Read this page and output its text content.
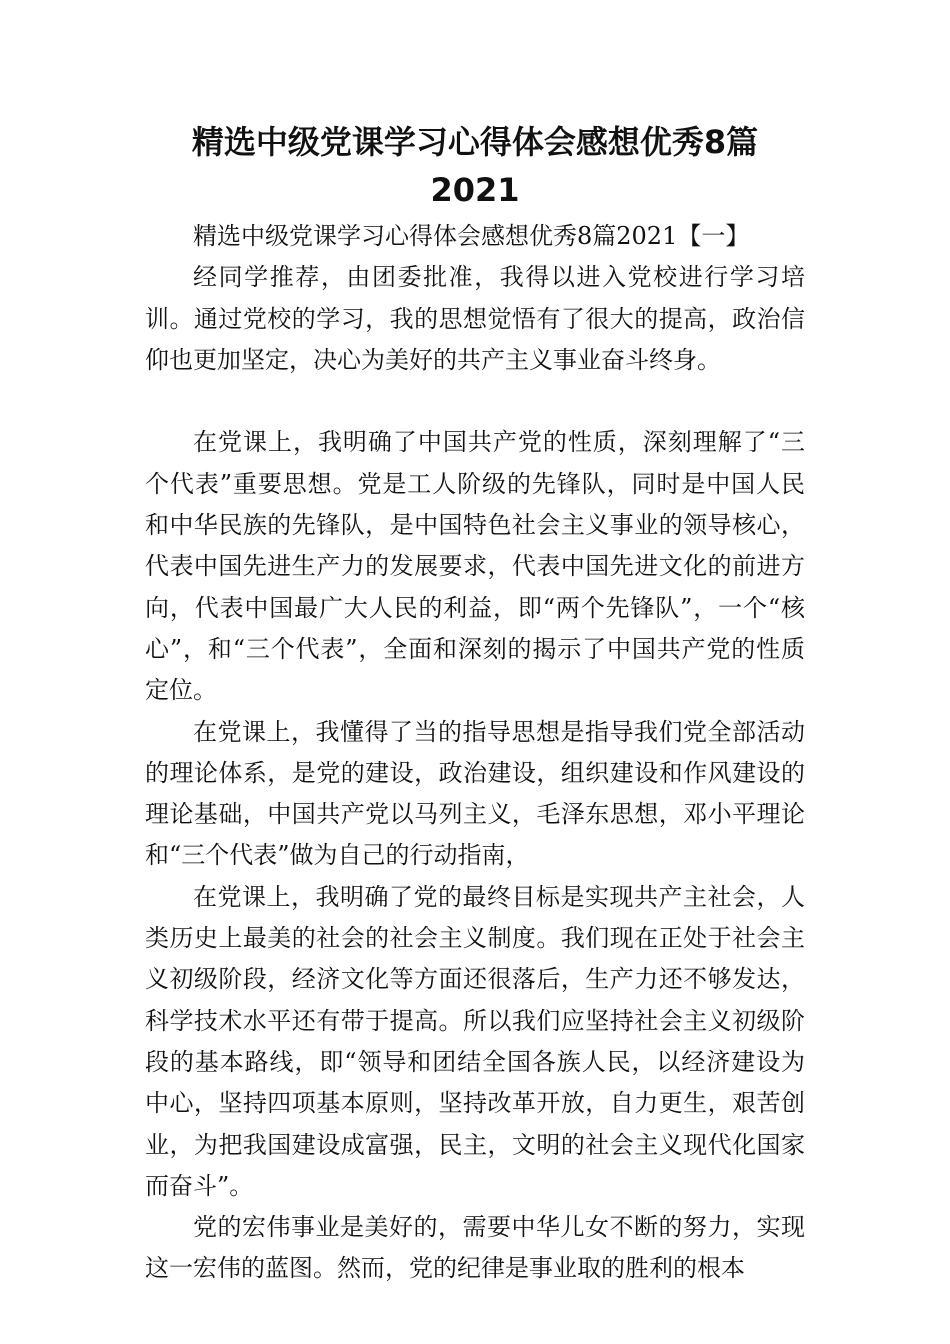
精选中级党课学习心得体会感想优秀8篇
2021

精选中级党课学习心得体会感想优秀8篇2021【一】

经同学推荐，由团委批准，我得以进入党校进行学习培训。通过党校的学习，我的思想觉悟有了很大的提高，政治信仰也更加坚定，决心为美好的共产主义事业奋斗终身。

在党课上，我明确了中国共产党的性质，深刻理解了“三个代表”重要思想。党是工人阶级的先锋队，同时是中国人民和中华民族的先锋队，是中国特色社会主义事业的领导核心，代表中国先进生产力的发展要求，代表中国先进文化的前进方向，代表中国最广大人民的利益，即“两个先锋队”，一个“核心”，和“三个代表”，全面和深刻的揭示了中国共产党的性质定位。

在党课上，我懂得了当的指导思想是指导我们党全部活动的理论体系，是党的建设，政治建设，组织建设和作风建设的理论基础，中国共产党以马列主义，毛泽东思想，邓小平理论和“三个代表”做为自己的行动指南，

在党课上，我明确了党的最终目标是实现共产主社会，人类历史上最美的社会的社会主义制度。我们现在正处于社会主义初级阶段，经济文化等方面还很落后，生产力还不够发达，科学技术水平还有带于提高。所以我们应坚持社会主义初级阶段的基本路线，即“领导和团结全国各族人民，以经济建设为中心，坚持四项基本原则，坚持改革开放，自力更生，艰苦创业，为把我国建设成富强，民主，文明的社会主义现代化国家而奋斗”。

党的宏伟事业是美好的，需要中华儿女不断的努力，实现这一宏伟的蓝图。然而，党的纪律是事业取的胜利的根本
